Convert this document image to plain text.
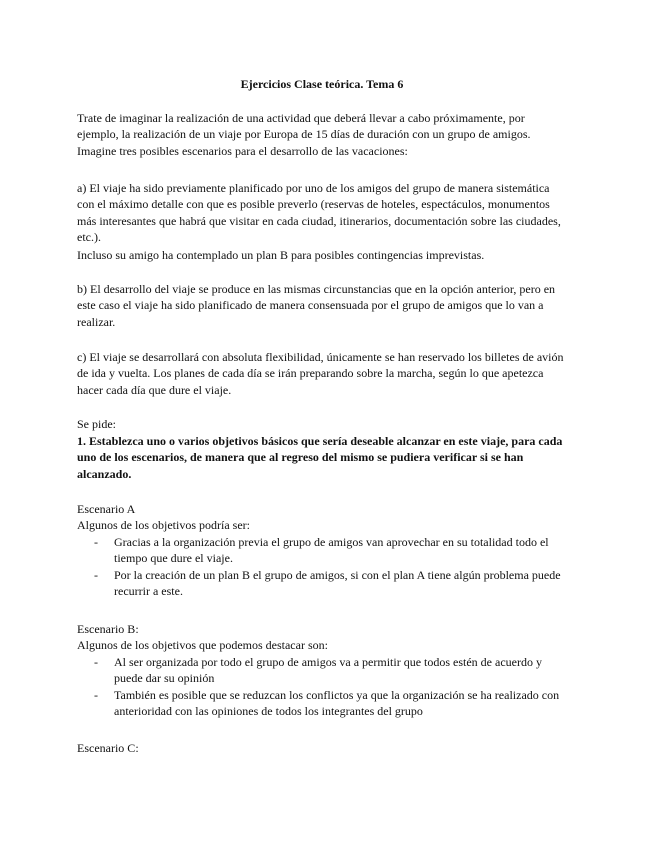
Ejercicios Clase teórica. Tema 6

Trate de imaginar la realización de una actividad que deberá llevar a cabo próximamente, por ejemplo, la realización de un viaje por Europa de 15 días de duración con un grupo de amigos. Imagine tres posibles escenarios para el desarrollo de las vacaciones:

a) El viaje ha sido previamente planificado por uno de los amigos del grupo de manera sistemática con el máximo detalle con que es posible preverlo (reservas de hoteles, espectáculos, monumentos más interesantes que habrá que visitar en cada ciudad, itinerarios, documentación sobre las ciudades, etc.).

Incluso su amigo ha contemplado un plan B para posibles contingencias imprevistas.

b) El desarrollo del viaje se produce en las mismas circunstancias que en la opción anterior, pero en este caso el viaje ha sido planificado de manera consensuada por el grupo de amigos que lo van a realizar.

c) El viaje se desarrollará con absoluta flexibilidad, únicamente se han reservado los billetes de avión de ida y vuelta. Los planes de cada día se irán preparando sobre la marcha, según lo que apetezca hacer cada día que dure el viaje.

Se pide:

1. Establezca uno o varios objetivos básicos que sería deseable alcanzar en este viaje, para cada uno de los escenarios, de manera que al regreso del mismo se pudiera verificar si se han alcanzado.

Escenario A
Algunos de los objetivos podría ser:
- Gracias a la organización previa el grupo de amigos van aprovechar en su totalidad todo el tiempo que dure el viaje.
- Por la creación de un plan B el grupo de amigos, si con el plan A tiene algún problema puede recurrir a este.
Escenario B:
Algunos de los objetivos que podemos destacar son:
- Al ser organizada por todo el grupo de amigos va a permitir que todos estén de acuerdo y puede dar su opinión
- También es posible que se reduzcan los conflictos ya que la organización se ha realizado con anterioridad con las opiniones de todos los integrantes del grupo
Escenario C:
